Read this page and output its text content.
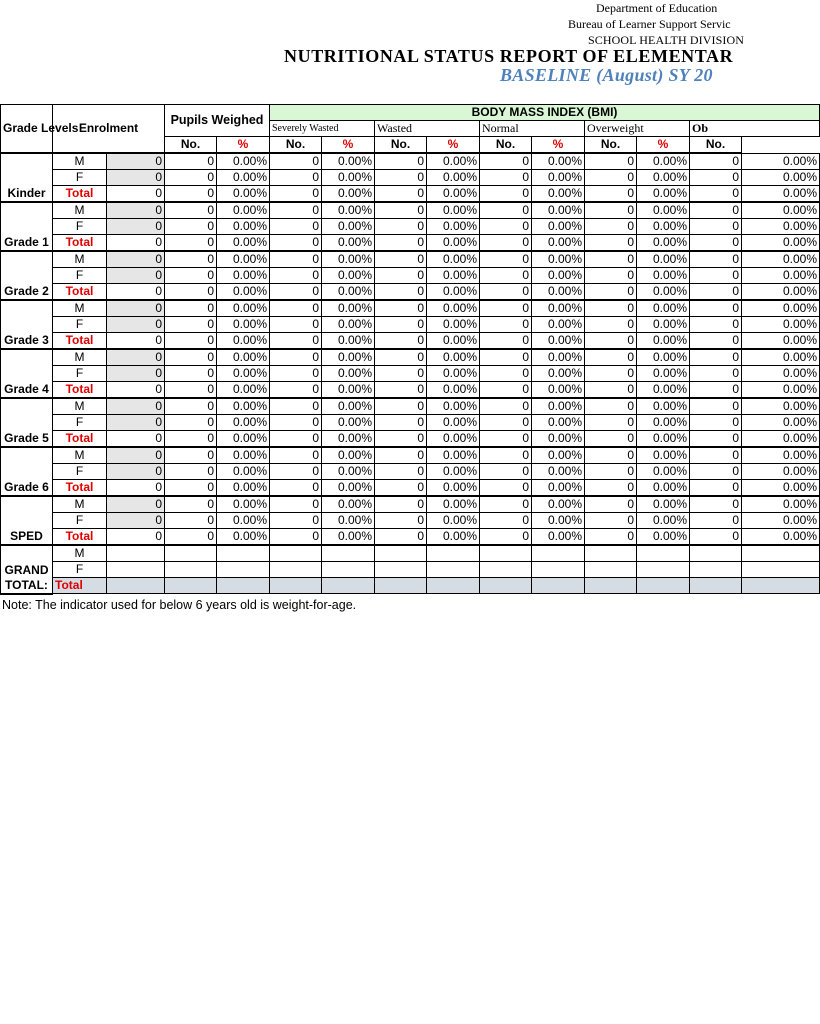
Department of Education
Bureau of Learner Support Servic
SCHOOL HEALTH DIVISION
NUTRITIONAL STATUS REPORT OF ELEMENTAR
BASELINE (August) SY 20
Grade Levels	Enrolment		Pupils Weighed		BODY MASS INDEX (BMI)									
					Severely Wasted		Wasted		Normal		Overweight		Ob	
			No.	%	No.	%	No.	%	No.	%	No.	%	No.	
Kinder	M	0	0	0.00%	0	0.00%	0	0.00%	0	0.00%	0	0.00%	0	0.00%
	F	0	0	0.00%	0	0.00%	0	0.00%	0	0.00%	0	0.00%	0	0.00%
	Total	0	0	0.00%	0	0.00%	0	0.00%	0	0.00%	0	0.00%	0	0.00%
Grade 1	M	0	0	0.00%	0	0.00%	0	0.00%	0	0.00%	0	0.00%	0	0.00%
	F	0	0	0.00%	0	0.00%	0	0.00%	0	0.00%	0	0.00%	0	0.00%
	Total	0	0	0.00%	0	0.00%	0	0.00%	0	0.00%	0	0.00%	0	0.00%
Grade 2	M	0	0	0.00%	0	0.00%	0	0.00%	0	0.00%	0	0.00%	0	0.00%
	F	0	0	0.00%	0	0.00%	0	0.00%	0	0.00%	0	0.00%	0	0.00%
	Total	0	0	0.00%	0	0.00%	0	0.00%	0	0.00%	0	0.00%	0	0.00%
Grade 3	M	0	0	0.00%	0	0.00%	0	0.00%	0	0.00%	0	0.00%	0	0.00%
	F	0	0	0.00%	0	0.00%	0	0.00%	0	0.00%	0	0.00%	0	0.00%
	Total	0	0	0.00%	0	0.00%	0	0.00%	0	0.00%	0	0.00%	0	0.00%
Grade 4	M	0	0	0.00%	0	0.00%	0	0.00%	0	0.00%	0	0.00%	0	0.00%
	F	0	0	0.00%	0	0.00%	0	0.00%	0	0.00%	0	0.00%	0	0.00%
	Total	0	0	0.00%	0	0.00%	0	0.00%	0	0.00%	0	0.00%	0	0.00%
Grade 5	M	0	0	0.00%	0	0.00%	0	0.00%	0	0.00%	0	0.00%	0	0.00%
	F	0	0	0.00%	0	0.00%	0	0.00%	0	0.00%	0	0.00%	0	0.00%
	Total	0	0	0.00%	0	0.00%	0	0.00%	0	0.00%	0	0.00%	0	0.00%
Grade 6	M	0	0	0.00%	0	0.00%	0	0.00%	0	0.00%	0	0.00%	0	0.00%
	F	0	0	0.00%	0	0.00%	0	0.00%	0	0.00%	0	0.00%	0	0.00%
	Total	0	0	0.00%	0	0.00%	0	0.00%	0	0.00%	0	0.00%	0	0.00%
SPED	M	0	0	0.00%	0	0.00%	0	0.00%	0	0.00%	0	0.00%	0	0.00%
	F	0	0	0.00%	0	0.00%	0	0.00%	0	0.00%	0	0.00%	0	0.00%
	Total	0	0	0.00%	0	0.00%	0	0.00%	0	0.00%	0	0.00%	0	0.00%

GRAND
TOTAL:	M													
	F													
	Total													
Note: The indicator used for below 6 years old is weight-for-age.
